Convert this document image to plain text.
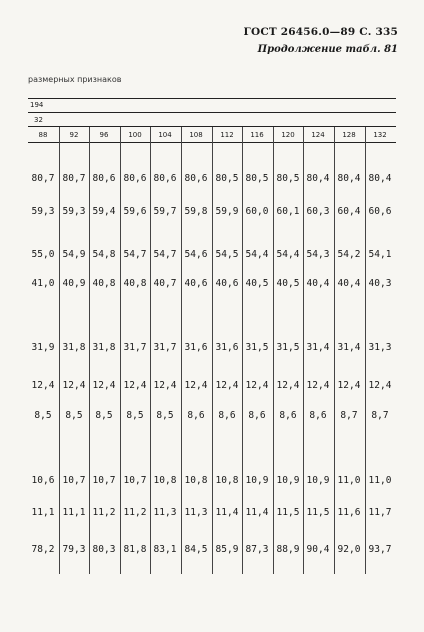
ГОСТ 26456.0—89 С. 335
Продолжение табл. 81
размерных признаков
194
32
88	92	96	100	104	108	112	116	120	124	128	132
80,7 80,7 80,6 80,6 80,6 80,6 80,5 80,5 80,5 80,4 80,4 80,4
59,3 59,3 59,4 59,6 59,7 59,8 59,9 60,0 60,1 60,3 60,4 60,6
55,0 54,9 54,8 54,7 54,7 54,6 54,5 54,4 54,4 54,3 54,2 54,1
41,0 40,9 40,8 40,8 40,7 40,6 40,6 40,5 40,5 40,4 40,4 40,3
31,9 31,8 31,8 31,7 31,7 31,6 31,6 31,5 31,5 31,4 31,4 31,3
12,4 12,4 12,4 12,4 12,4 12,4 12,4 12,4 12,4 12,4 12,4 12,4
8,5	8,5	8,5	8,5	8,5	8,6	8,6	8,6	8,6	8,6	8,7	8,7
10,6 10,7 10,7 10,7 10,8 10,8 10,8 10,9 10,9 10,9 11,0 11,0
11,1 11,1 11,2 11,2 11,3 11,3 11,4 11,4 11,5 11,5 11,6 11,7
78,2 79,3 80,3 81,8 83,1 84,5 85,9 87,3 88,9 90,4 92,0 93,7
